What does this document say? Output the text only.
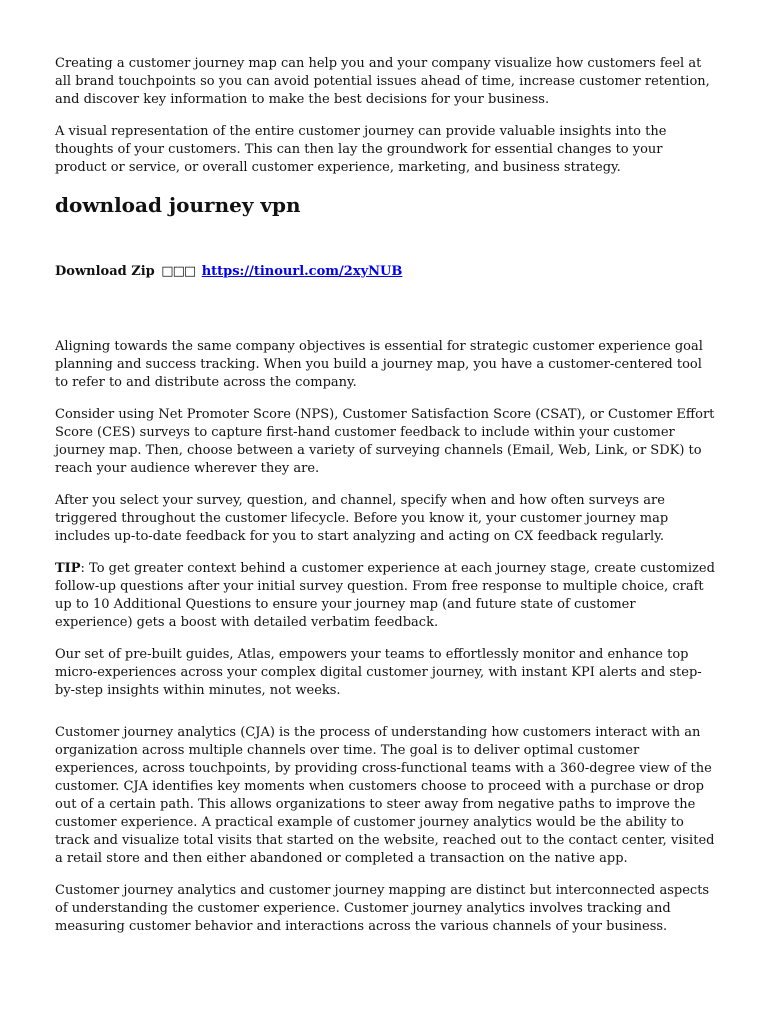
Creating a customer journey map can help you and your company visualize how customers feel at all brand touchpoints so you can avoid potential issues ahead of time, increase customer retention, and discover key information to make the best decisions for your business.

A visual representation of the entire customer journey can provide valuable insights into the thoughts of your customers. This can then lay the groundwork for essential changes to your product or service, or overall customer experience, marketing, and business strategy.

download journey vpn

Download Zip □□□ https://tinourl.com/2xyNUB

Aligning towards the same company objectives is essential for strategic customer experience goal planning and success tracking. When you build a journey map, you have a customer-centered tool to refer to and distribute across the company.

Consider using Net Promoter Score (NPS), Customer Satisfaction Score (CSAT), or Customer Effort Score (CES) surveys to capture first-hand customer feedback to include within your customer journey map. Then, choose between a variety of surveying channels (Email, Web, Link, or SDK) to reach your audience wherever they are.

After you select your survey, question, and channel, specify when and how often surveys are triggered throughout the customer lifecycle. Before you know it, your customer journey map includes up-to-date feedback for you to start analyzing and acting on CX feedback regularly.

TIP: To get greater context behind a customer experience at each journey stage, create customized follow-up questions after your initial survey question. From free response to multiple choice, craft up to 10 Additional Questions to ensure your journey map (and future state of customer experience) gets a boost with detailed verbatim feedback.

Our set of pre-built guides, Atlas, empowers your teams to effortlessly monitor and enhance top micro-experiences across your complex digital customer journey, with instant KPI alerts and step-by-step insights within minutes, not weeks.

Customer journey analytics (CJA) is the process of understanding how customers interact with an organization across multiple channels over time. The goal is to deliver optimal customer experiences, across touchpoints, by providing cross-functional teams with a 360-degree view of the customer. CJA identifies key moments when customers choose to proceed with a purchase or drop out of a certain path. This allows organizations to steer away from negative paths to improve the customer experience. A practical example of customer journey analytics would be the ability to track and visualize total visits that started on the website, reached out to the contact center, visited a retail store and then either abandoned or completed a transaction on the native app.

Customer journey analytics and customer journey mapping are distinct but interconnected aspects of understanding the customer experience. Customer journey analytics involves tracking and measuring customer behavior and interactions across the various channels of your business.
